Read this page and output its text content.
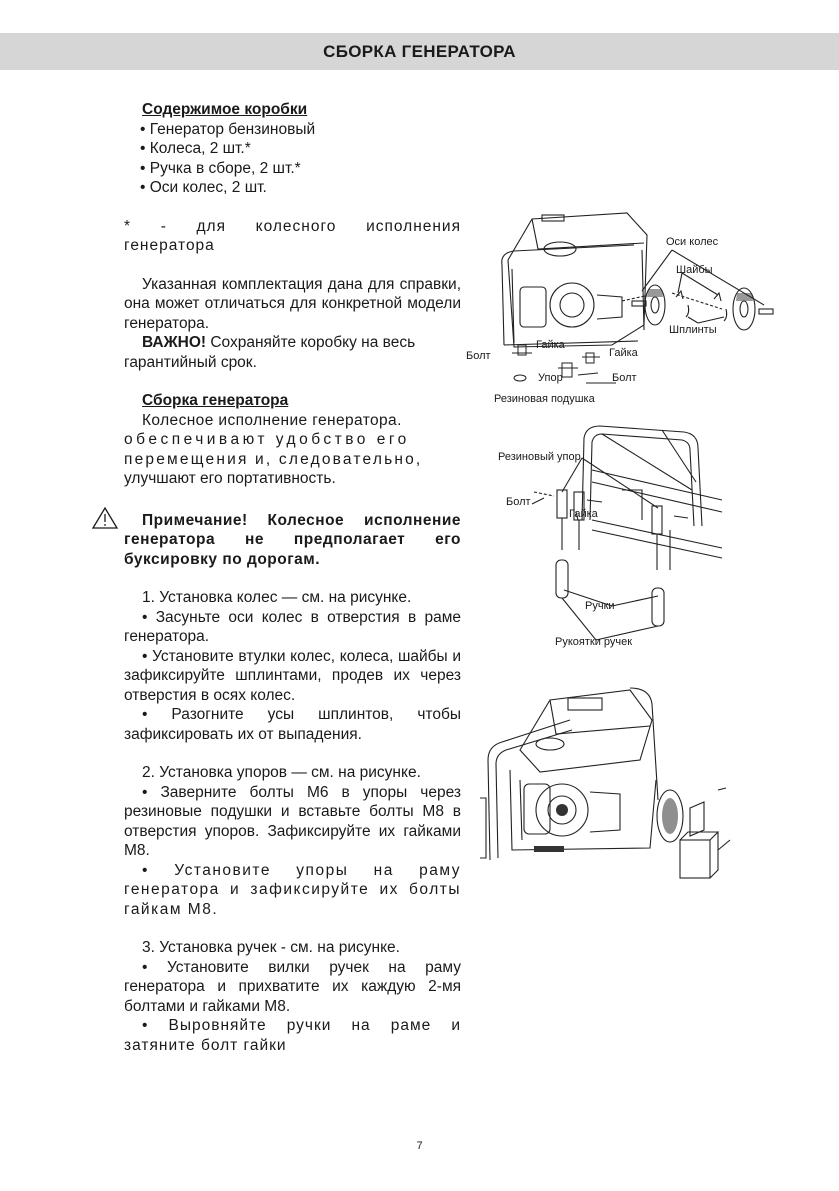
СБОРКА ГЕНЕРАТОРА

Содержимое коробки

• Генератор бензиновый

• Колеса, 2 шт.*

• Ручка в сборе, 2 шт.*

• Оси колес, 2 шт.

* - для колесного исполнения генератора

Указанная комплектация дана для справки, она может отличаться для конкретной модели генератора.

ВАЖНО! Сохраняйте коробку на весь гарантийный срок.

Сборка генератора

Колесное исполнение генератора.

обеспечивают удобство его

перемещения и, следовательно,

улучшают его портативность.

Примечание! Колесное исполнение генератора не предполагает его буксировку по дорогам.

1. Установка колес — см. на рисунке.

• Засуньте оси колес в отверстия в раме генератора.

• Установите втулки колес, колеса, шайбы и зафиксируйте шплинтами, продев их через отверстия в осях колес.

• Разогните усы шплинтов, чтобы зафиксировать их от выпадения.

2. Установка упоров — см. на рисунке.

• Заверните болты М6 в упоры через резиновые подушки и вставьте болты М8 в отверстия упоров. Зафиксируйте их гайками М8.

• Установите упоры на раму генератора и зафиксируйте их болты гайкам М8.

3. Установка ручек - см. на рисунке.

• Установите вилки ручек на раму генератора и прихватите их каждую 2-мя болтами и гайками М8.

• Выровняйте ручки на раме и затяните болт гайки

Оси колес
Шайбы
Шплинты
Болт
Гайка
Гайка
Упор	Болт
Резиновая подушка
Резиновый упор
Болт
Гайка
Ручки
Рукоятки ручек
7
